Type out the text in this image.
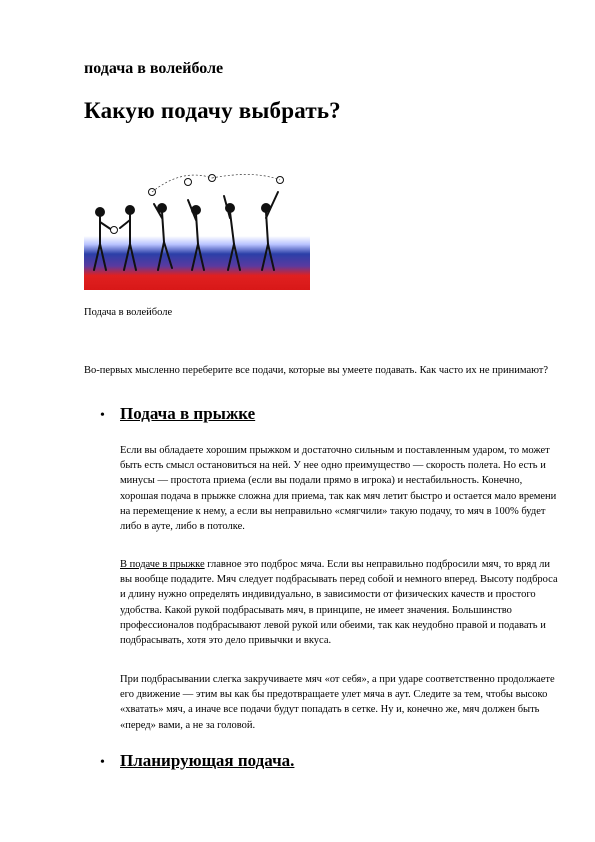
подача в волейболе
Какую подачу выбрать?
Подача в волейболе

Во-первых мысленно переберите все подачи, которые вы умеете подавать. Как часто их не принимают?

• Подача в прыжке

Если вы обладаете хорошим прыжком и достаточно сильным и поставленным ударом, то может быть есть смысл остановиться на ней. У нее одно преимущество — скорость полета. Но есть и минусы — простота приема (если вы подали прямо в игрока) и нестабильность. Конечно, хорошая подача в прыжке сложна для приема, так как мяч летит быстро и остается мало времени на перемещение к нему, а если вы неправильно «смягчили» такую подачу, то мяч в 100% будет либо в ауте, либо в потолке.

В подаче в прыжке главное это подброс мяча. Если вы неправильно подбросили мяч, то вряд ли вы вообще подадите. Мяч следует подбрасывать перед собой и немного вперед. Высоту подброса и длину нужно определять индивидуально, в зависимости от физических качеств и простого удобства. Какой рукой подбрасывать мяч, в принципе, не имеет значения. Большинство профессионалов подбрасывают левой рукой или обеими, так как неудобно правой и подавать и подбрасывать, хотя это дело привычки и вкуса.

При подбрасывании слегка закручиваете мяч «от себя», а при ударе соответственно продолжаете его движение — этим вы как бы предотвращаете улет мяча в аут. Следите за тем, чтобы высоко «хватать» мяч, а иначе все подачи будут попадать в сетке. Ну и, конечно же, мяч должен быть «перед» вами, а не за головой.

• Планирующая подача.
